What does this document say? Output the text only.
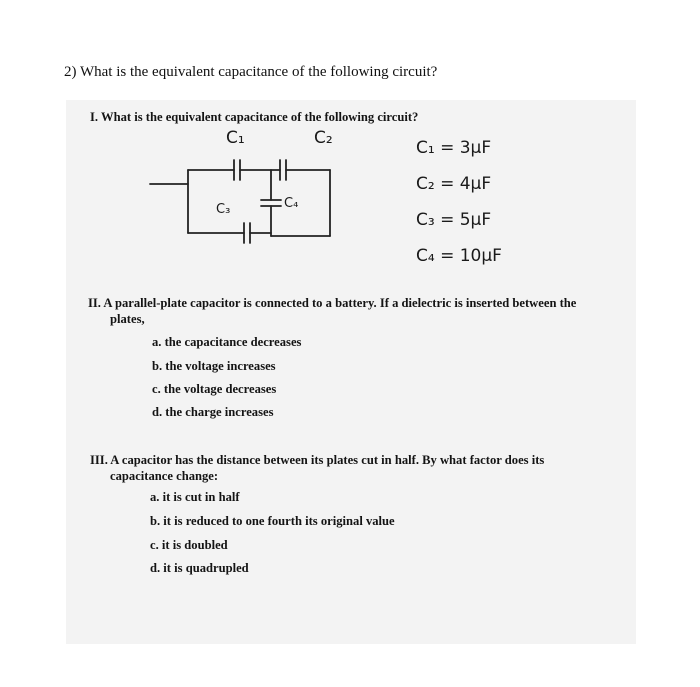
2) What is the equivalent capacitance of the following circuit?
I. What is the equivalent capacitance of the following circuit?
C₁	C₂
C₃	C₄
C₁ = 3μF
C₂ = 4μF
C₃ = 5μF
C₄ = 10μF
II. A parallel-plate capacitor is connected to a battery. If a dielectric is inserted between the
plates,
a. the capacitance decreases
b. the voltage increases
c. the voltage decreases
d. the charge increases
III. A capacitor has the distance between its plates cut in half. By what factor does its
capacitance change:
a. it is cut in half
b. it is reduced to one fourth its original value
c. it is doubled
d. it is quadrupled
